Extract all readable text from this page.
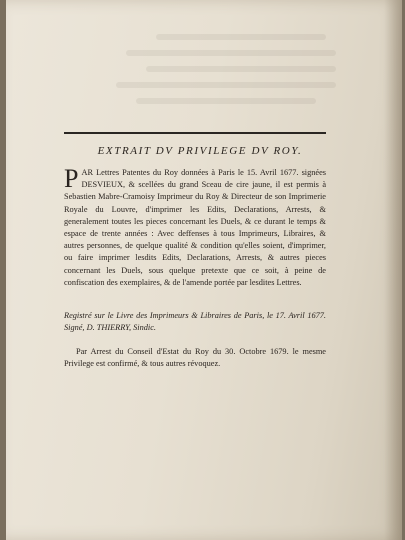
EXTRAIT DV PRIVILEGE DV ROY.
P AR Lettres Patentes du Roy données à Paris le 15. Avril 1677. signées DESVIEUX, & scellées du grand Sceau de cire jaune, il est permis à Sebastien Mabre-Cramoisy Imprimeur du Roy & Directeur de son Imprimerie Royale du Louvre, d'imprimer les Edits, Declarations, Arrests, & generalement toutes les pieces concernant les Duels, & ce durant le temps & espace de trente années : Avec deffenses à tous Imprimeurs, Libraires, & autres personnes, de quelque qualité & condition qu'elles soient, d'imprimer, ou faire imprimer lesdits Edits, Declarations, Arrests, & autres pieces concernant les Duels, sous quelque pretexte que ce soit, à peine de confiscation des exemplaires, & de l'amende portée par lesdites Lettres.
Registré sur le Livre des Imprimeurs & Libraires de Paris, le 17. Avril 1677. Signé, D. THIERRY, Sindic.
Par Arrest du Conseil d'Estat du Roy du 30. Octobre 1679. le mesme Privilege est confirmé, & tous autres révoquez.
